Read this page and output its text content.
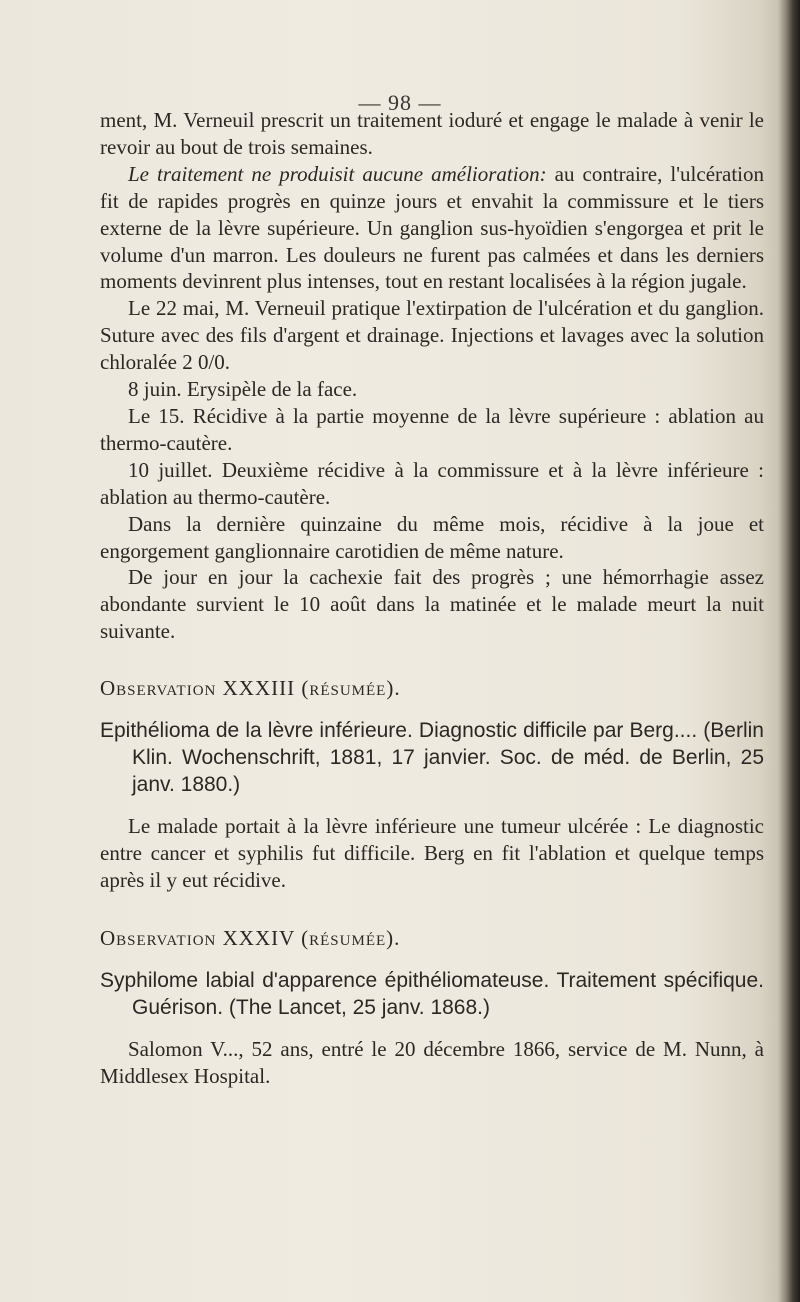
— 98 —

ment, M. Verneuil prescrit un traitement ioduré et engage le malade à venir le revoir au bout de trois semaines.

Le traitement ne produisit aucune amélioration: au contraire, l'ulcération fit de rapides progrès en quinze jours et envahit la commissure et le tiers externe de la lèvre supérieure. Un ganglion sus-hyoïdien s'engorgea et prit le volume d'un marron. Les douleurs ne furent pas calmées et dans les derniers moments devinrent plus intenses, tout en restant localisées à la région jugale.

Le 22 mai, M. Verneuil pratique l'extirpation de l'ulcération et du ganglion. Suture avec des fils d'argent et drainage. Injections et lavages avec la solution chloralée 2 0/0.

8 juin. Erysipèle de la face.

Le 15. Récidive à la partie moyenne de la lèvre supérieure : ablation au thermo-cautère.

10 juillet. Deuxième récidive à la commissure et à la lèvre inférieure : ablation au thermo-cautère.

Dans la dernière quinzaine du même mois, récidive à la joue et engorgement ganglionnaire carotidien de même nature.

De jour en jour la cachexie fait des progrès ; une hémorrhagie assez abondante survient le 10 août dans la matinée et le malade meurt la nuit suivante.

Observation XXXIII (résumée).

Epithélioma de la lèvre inférieure. Diagnostic difficile par Berg.... (Berlin Klin. Wochenschrift, 1881, 17 janvier. Soc. de méd. de Berlin, 25 janv. 1880.)

Le malade portait à la lèvre inférieure une tumeur ulcérée : Le diagnostic entre cancer et syphilis fut difficile. Berg en fit l'ablation et quelque temps après il y eut récidive.

Observation XXXIV (résumée).

Syphilome labial d'apparence épithéliomateuse. Traitement spécifique. Guérison. (The Lancet, 25 janv. 1868.)

Salomon V..., 52 ans, entré le 20 décembre 1866, service de M. Nunn, à Middlesex Hospital.
